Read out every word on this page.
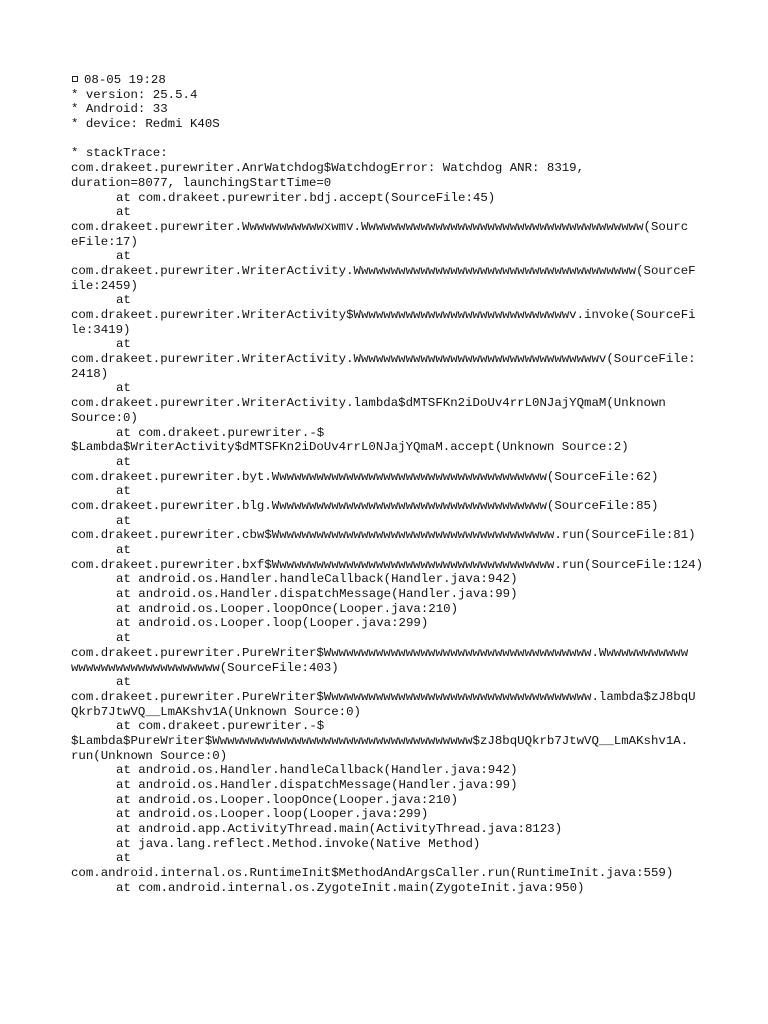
08-05 19:28
* version: 25.5.4
* Android: 33
* device: Redmi K40S
* stackTrace:
com.drakeet.purewriter.AnrWatchdog$WatchdogError: Watchdog ANR: 8319,
duration=8077, launchingStartTime=0
at com.drakeet.purewriter.bdj.accept(SourceFile:45)
at
com.drakeet.purewriter.Wwwwwwwwwwwxwmv.Wwwwwwwwwwwwwwwwwwwwwwwwwwwwwwwwwwwwww(Sourc
eFile:17)
at
com.drakeet.purewriter.WriterActivity.Wwwwwwwwwwwwwwwwwwwwwwwwwwwwwwwwwwwwww(SourceF
ile:2459)
at
com.drakeet.purewriter.WriterActivity$Wwwwwwwwwwwwwwwwwwwwwwwwwwwwwv.invoke(SourceFi
le:3419)
at
com.drakeet.purewriter.WriterActivity.Wwwwwwwwwwwwwwwwwwwwwwwwwwwwwwwwwv(SourceFile:
2418)
at
com.drakeet.purewriter.WriterActivity.lambda$dMTSFKn2iDoUv4rrL0NJajYQmaM(Unknown
Source:0)
at com.drakeet.purewriter.-$
$Lambda$WriterActivity$dMTSFKn2iDoUv4rrL0NJajYQmaM.accept(Unknown Source:2)
at
com.drakeet.purewriter.byt.Wwwwwwwwwwwwwwwwwwwwwwwwwwwwwwwwwwwww(SourceFile:62)
at
com.drakeet.purewriter.blg.Wwwwwwwwwwwwwwwwwwwwwwwwwwwwwwwwwwwww(SourceFile:85)
at
com.drakeet.purewriter.cbw$Wwwwwwwwwwwwwwwwwwwwwwwwwwwwwwwwwwwwww.run(SourceFile:81)
at
com.drakeet.purewriter.bxf$Wwwwwwwwwwwwwwwwwwwwwwwwwwwwwwwwwwwwww.run(SourceFile:124)
at android.os.Handler.handleCallback(Handler.java:942)
at android.os.Handler.dispatchMessage(Handler.java:99)
at android.os.Looper.loopOnce(Looper.java:210)
at android.os.Looper.loop(Looper.java:299)
at
com.drakeet.purewriter.PureWriter$Wwwwwwwwwwwwwwwwwwwwwwwwwwwwwwwwwwww.Wwwwwwwwwwww
wwwwwwwwwwwwwwwwwwww(SourceFile:403)
at
com.drakeet.purewriter.PureWriter$Wwwwwwwwwwwwwwwwwwwwwwwwwwwwwwwwwwww.lambda$zJ8bqU
Qkrb7JtwVQ__LmAKshv1A(Unknown Source:0)
at com.drakeet.purewriter.-$
$Lambda$PureWriter$Wwwwwwwwwwwwwwwwwwwwwwwwwwwwwwwwwww$zJ8bqUQkrb7JtwVQ__LmAKshv1A.
run(Unknown Source:0)
at android.os.Handler.handleCallback(Handler.java:942)
at android.os.Handler.dispatchMessage(Handler.java:99)
at android.os.Looper.loopOnce(Looper.java:210)
at android.os.Looper.loop(Looper.java:299)
at android.app.ActivityThread.main(ActivityThread.java:8123)
at java.lang.reflect.Method.invoke(Native Method)
at
com.android.internal.os.RuntimeInit$MethodAndArgsCaller.run(RuntimeInit.java:559)
at com.android.internal.os.ZygoteInit.main(ZygoteInit.java:950)
